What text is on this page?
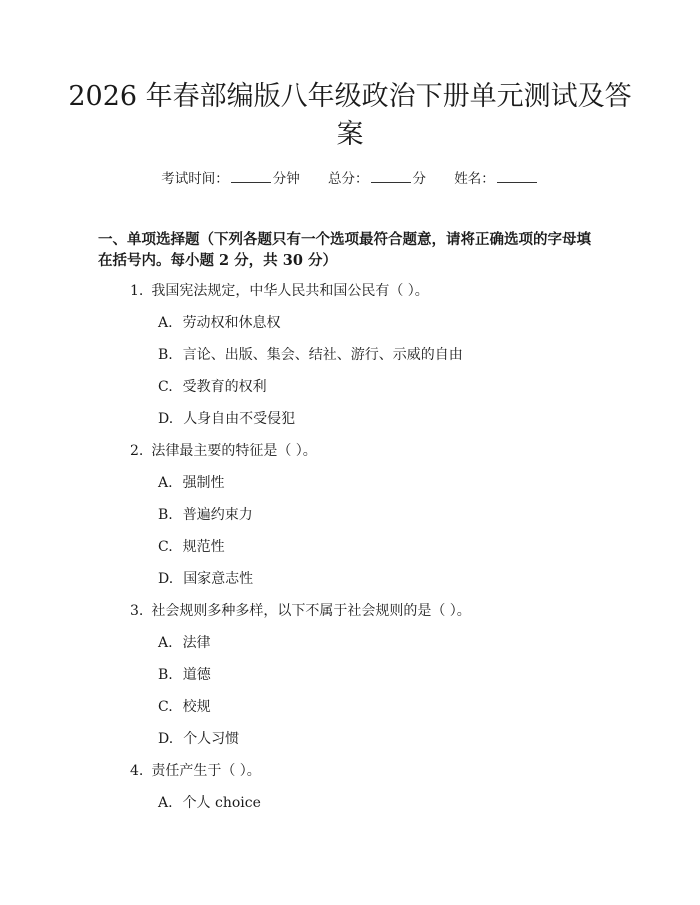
2026 年春部编版八年级政治下册单元测试及答案
考试时间：	分钟 总分：	分 姓名：

一、单项选择题（下列各题只有一个选项最符合题意，请将正确选项的字母填在括号内。每小题 2 分，共 30 分）

1. 我国宪法规定，中华人民共和国公民有（ ）。
A. 劳动权和休息权
B. 言论、出版、集会、结社、游行、示威的自由
C. 受教育的权利
D. 人身自由不受侵犯
2. 法律最主要的特征是（ ）。
A. 强制性
B. 普遍约束力
C. 规范性
D. 国家意志性
3. 社会规则多种多样，以下不属于社会规则的是（ ）。
A. 法律
B. 道德
C. 校规
D. 个人习惯
4. 责任产生于（ ）。
A. 个人 choice
